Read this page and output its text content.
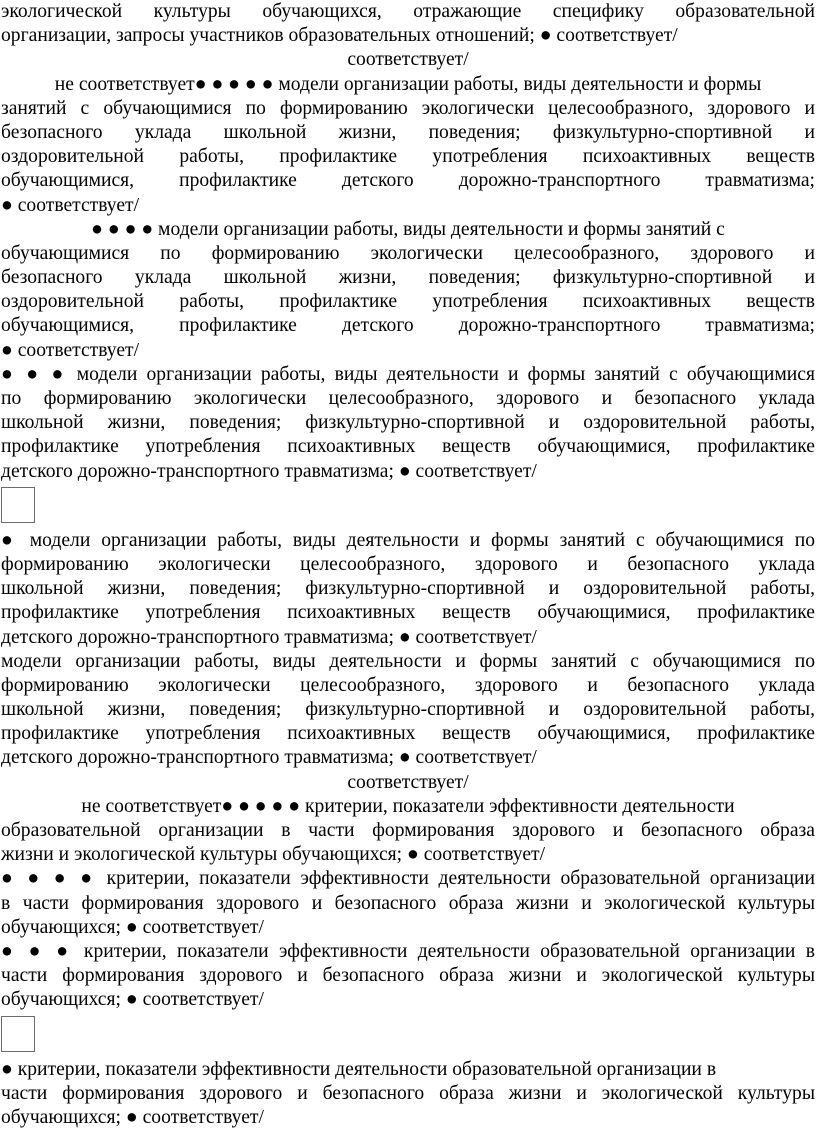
экологической культуры обучающихся, отражающие специфику образовательной
организации, запросы участников образовательных отношений; ● соответствует/
соответствует/
не соответствует● ● ● ● ● модели организации работы, виды деятельности и формы
занятий с обучающимися по формированию экологически целесообразного, здорового и
безопасного уклада школьной жизни, поведения; физкультурно-спортивной и
оздоровительной работы, профилактике употребления психоактивных веществ
обучающимися, профилактике детского дорожно-транспортного травматизма;
● соответствует/
● ● ● ● модели организации работы, виды деятельности и формы занятий с
обучающимися по формированию экологически целесообразного, здорового и
безопасного уклада школьной жизни, поведения; физкультурно-спортивной и
оздоровительной работы, профилактике употребления психоактивных веществ
обучающимися, профилактике детского дорожно-транспортного травматизма;
● соответствует/
● ● ● модели организации работы, виды деятельности и формы занятий с обучающимися
по формированию экологически целесообразного, здорового и безопасного уклада
школьной жизни, поведения; физкультурно-спортивной и оздоровительной работы,
профилактике употребления психоактивных веществ обучающимися, профилактике
детского дорожно-транспортного травматизма; ● соответствует/
● модели организации работы, виды деятельности и формы занятий с обучающимися по
формированию экологически целесообразного, здорового и безопасного уклада
школьной жизни, поведения; физкультурно-спортивной и оздоровительной работы,
профилактике употребления психоактивных веществ обучающимися, профилактике
детского дорожно-транспортного травматизма; ● соответствует/
модели организации работы, виды деятельности и формы занятий с обучающимися по
формированию экологически целесообразного, здорового и безопасного уклада
школьной жизни, поведения; физкультурно-спортивной и оздоровительной работы,
профилактике употребления психоактивных веществ обучающимися, профилактике
детского дорожно-транспортного травматизма; ● соответствует/
соответствует/
не соответствует● ● ● ● ● критерии, показатели эффективности деятельности
образовательной организации в части формирования здорового и безопасного образа
жизни и экологической культуры обучающихся; ● соответствует/
● ● ● ● критерии, показатели эффективности деятельности образовательной организации
в части формирования здорового и безопасного образа жизни и экологической культуры
обучающихся; ● соответствует/
● ● ● критерии, показатели эффективности деятельности образовательной организации в
части формирования здорового и безопасного образа жизни и экологической культуры
обучающихся; ● соответствует/
● критерии, показатели эффективности деятельности образовательной организации в
части формирования здорового и безопасного образа жизни и экологической культуры
обучающихся; ● соответствует/
